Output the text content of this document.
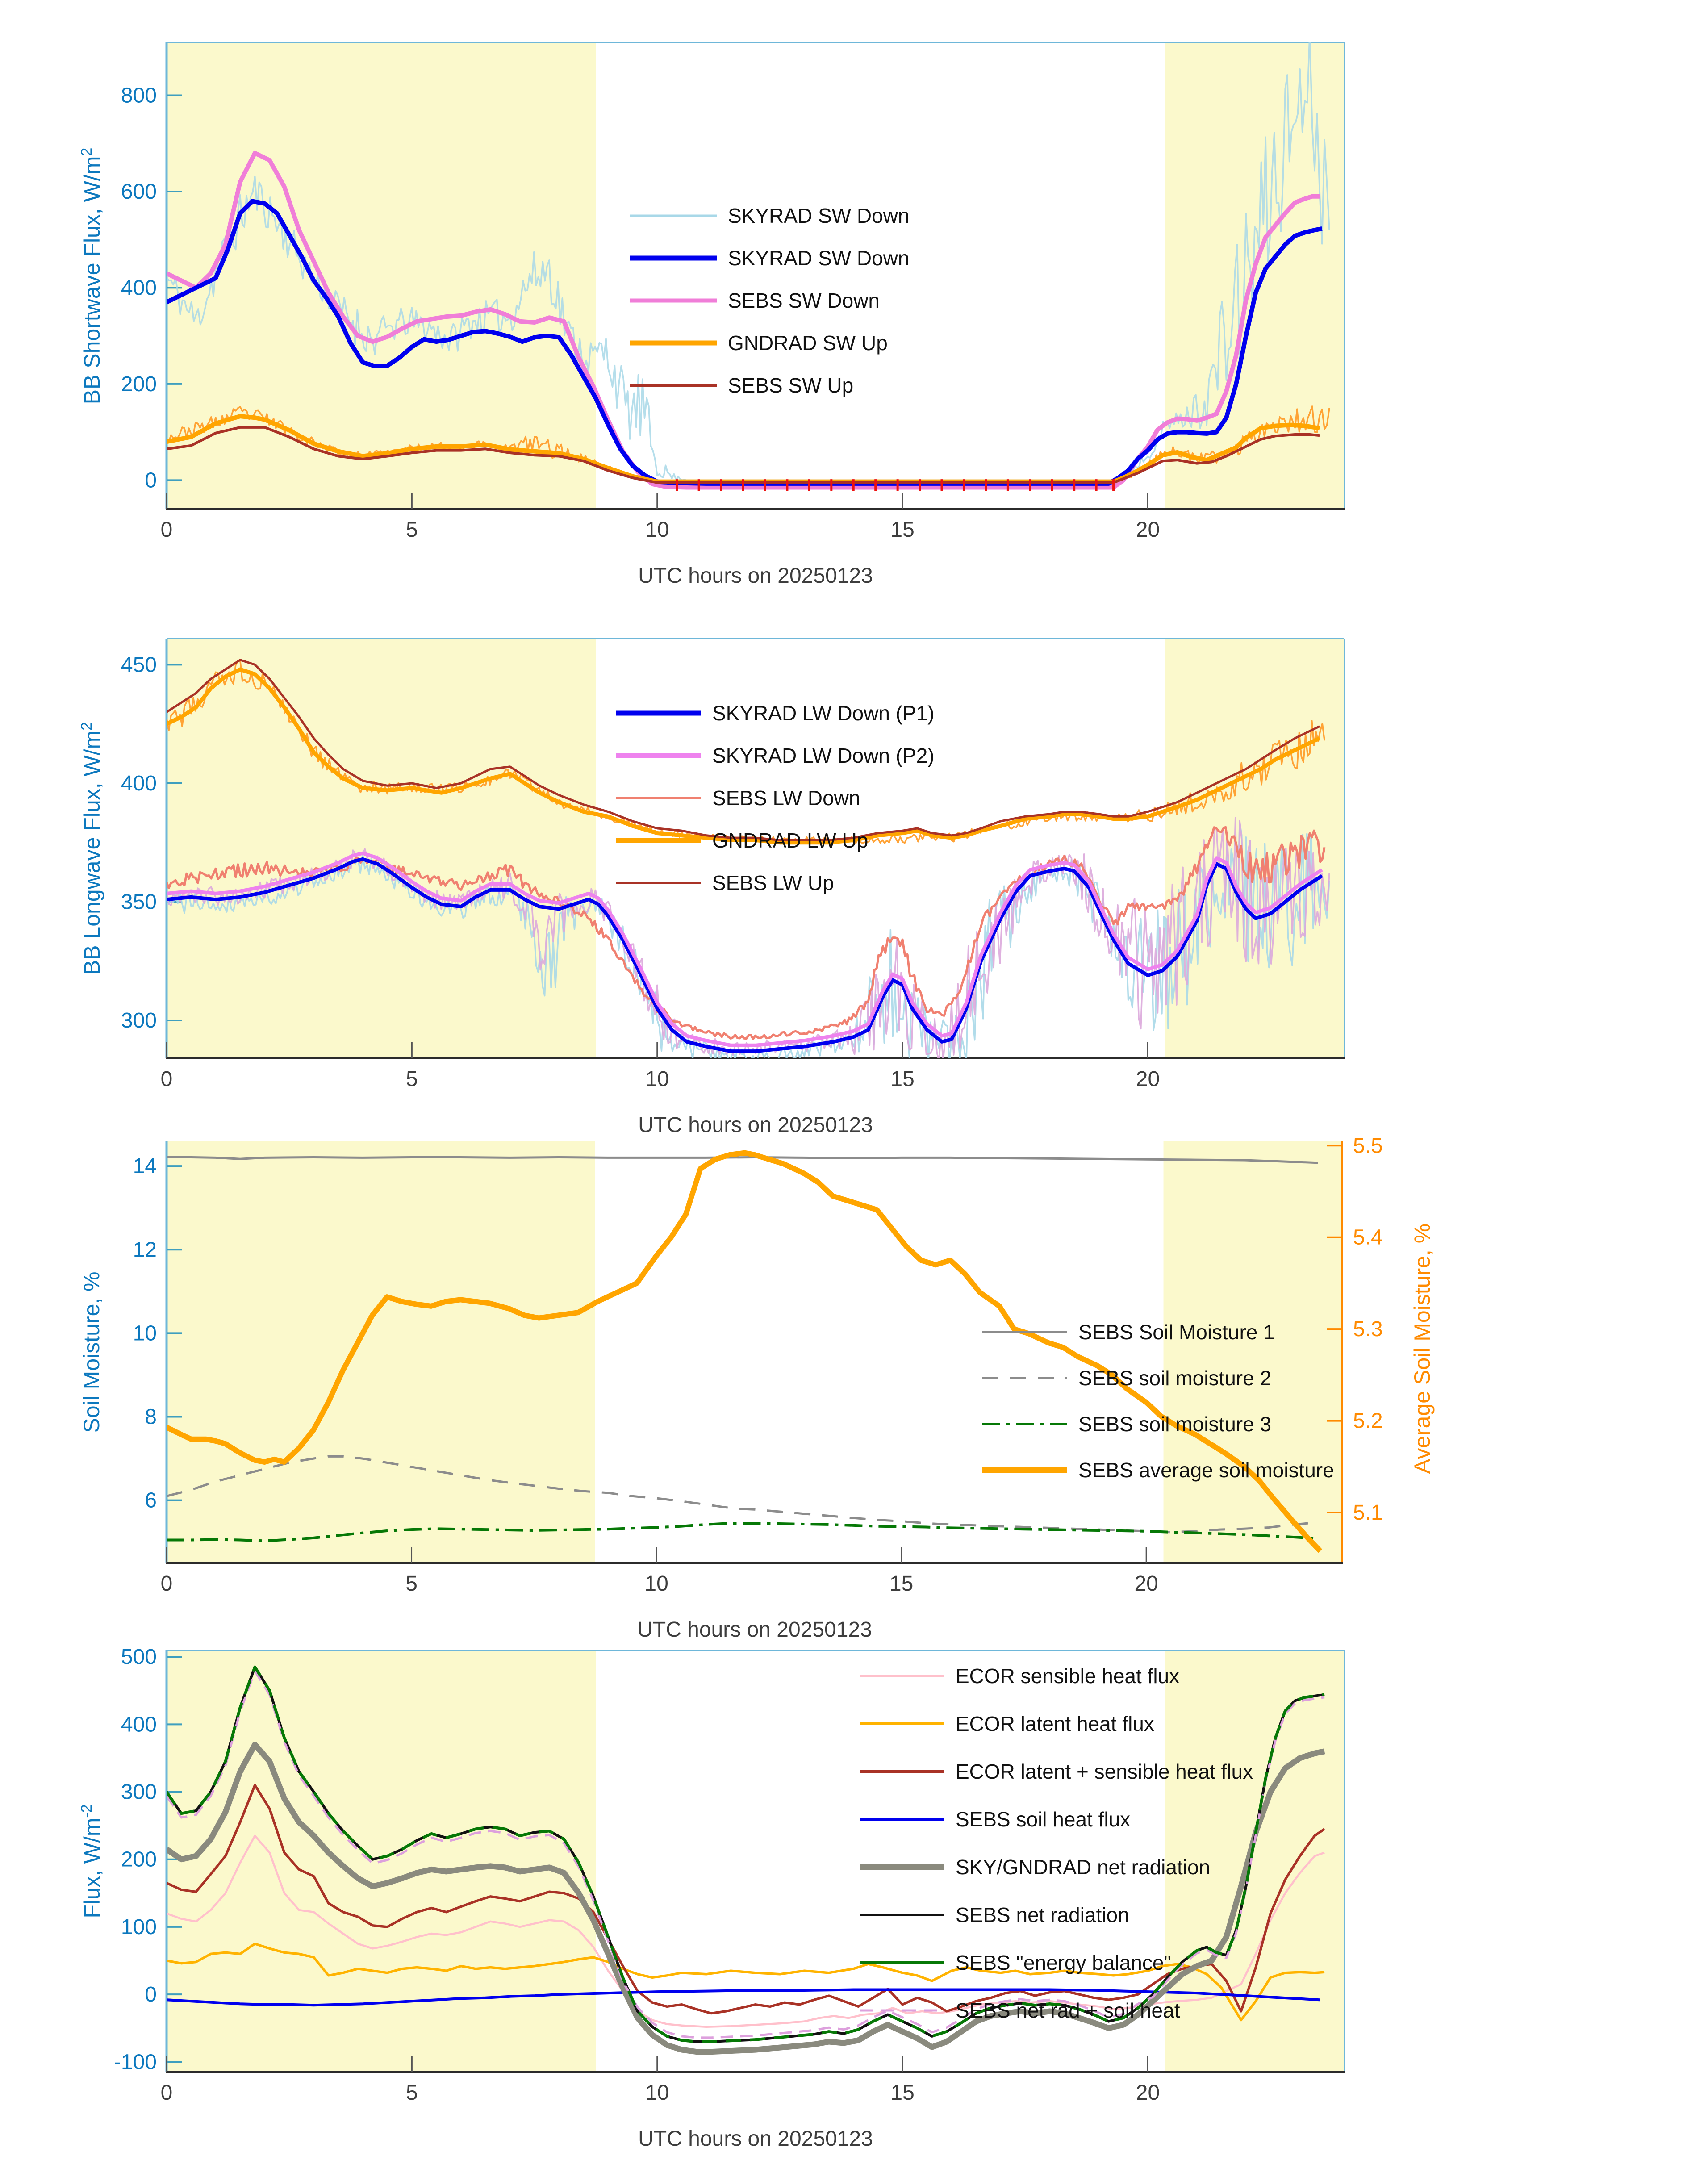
0
200
400
600
800
0	5	10	15	20
SKYRAD SW Down
SKYRAD SW Down
SEBS SW Down
GNDRAD SW Up
SEBS SW Up
300
350
400
450
0	5	10	15	20
SKYRAD LW Down (P1)
SKYRAD LW Down (P2)
SEBS LW Down
GNDRAD LW Up
SEBS LW Up
6
8
10
12
14
5.1
5.2
5.3
5.4
5.5
0	5	10	15	20
SEBS Soil Moisture 1
SEBS soil moisture 2
SEBS soil moisture 3
SEBS average soil moisture
-100
0
100
200
300
400
500
0	5	10	15	20
ECOR sensible heat flux
ECOR latent heat flux
ECOR latent + sensible heat flux
SEBS soil heat flux
SKY/GNDRAD net radiation
SEBS net radiation
SEBS "energy balance"
SEBS net rad + soil heat
BB Shortwave Flux, $W/m^2$
BB Longwave Flux, $W/m^2$
Soil Moisture, %	Average Soil Moisture, %
Flux, $W/m^{-2}$
UTC hours on 20250123
UTC hours on 20250123
UTC hours on 20250123
UTC hours on 20250123
